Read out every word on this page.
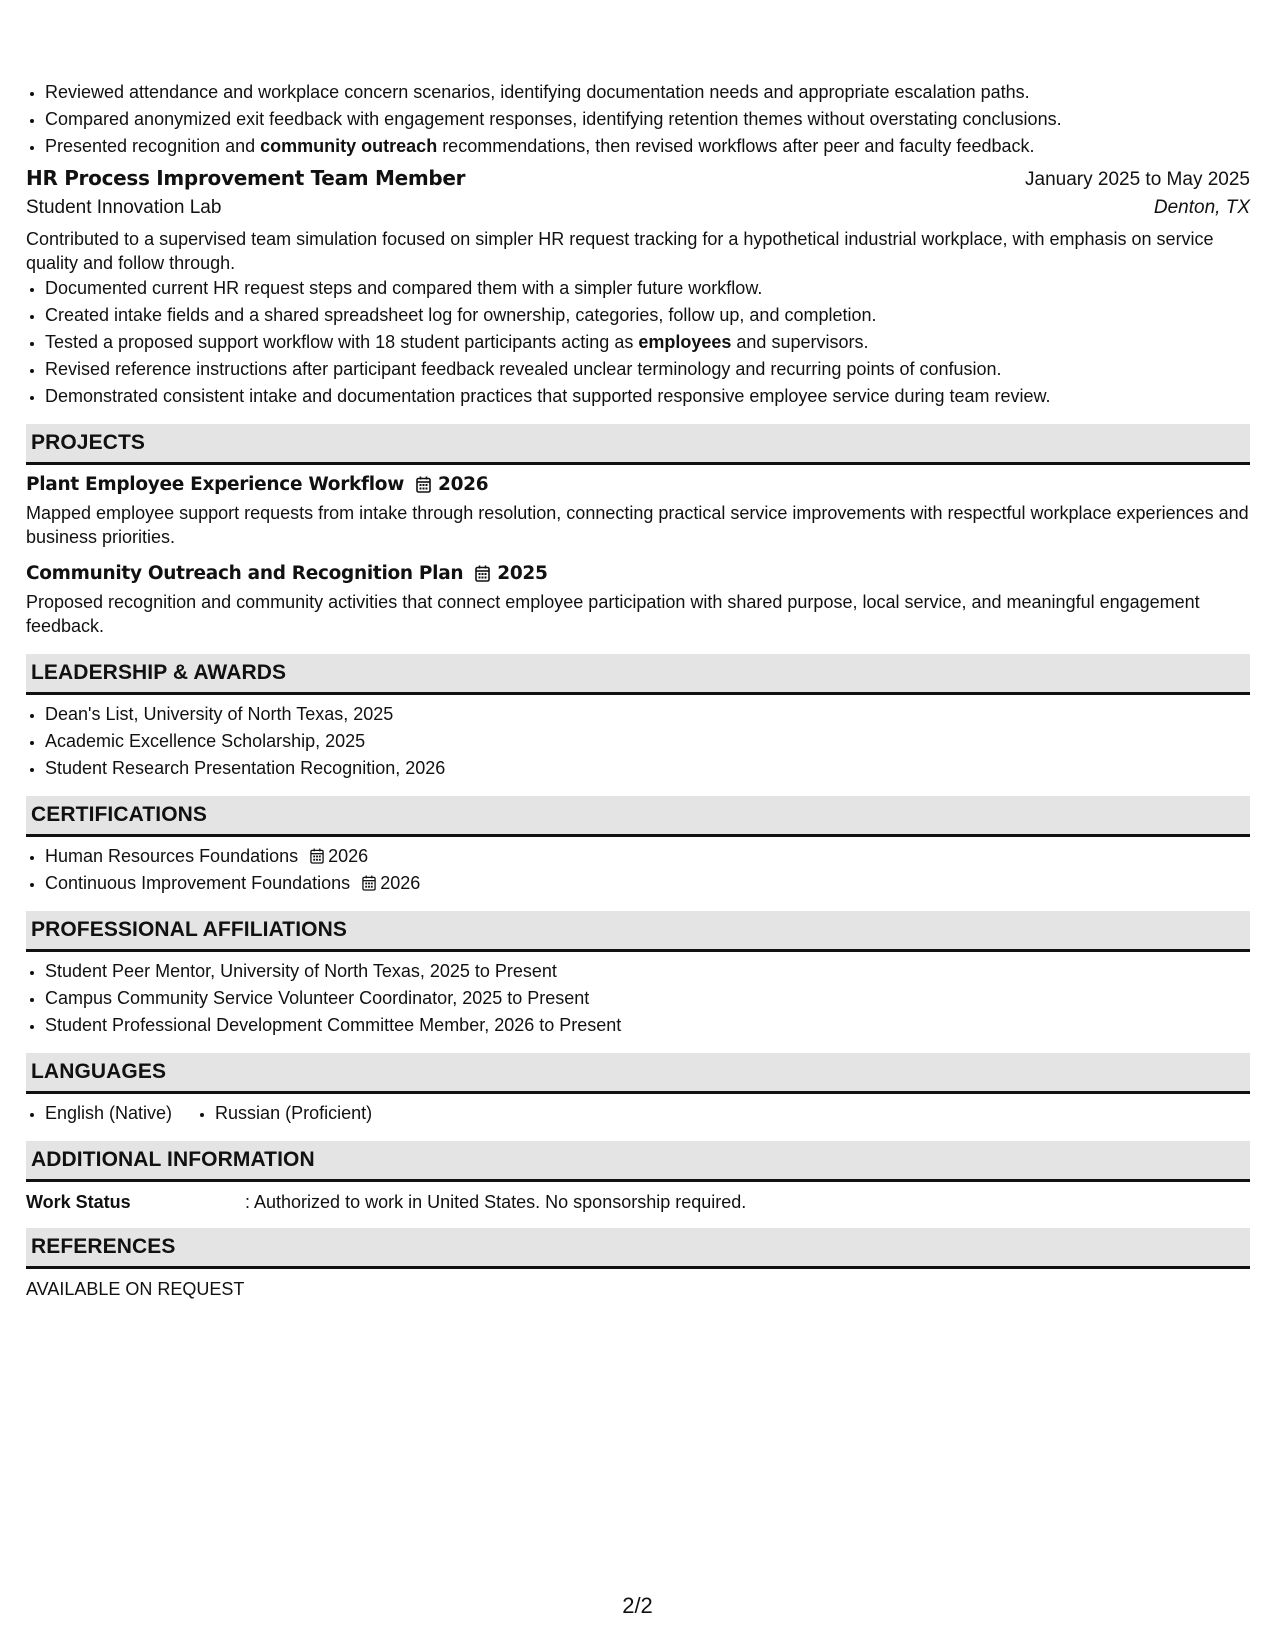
• Reviewed attendance and workplace concern scenarios, identifying documentation needs and appropriate escalation paths.
• Compared anonymized exit feedback with engagement responses, identifying retention themes without overstating conclusions.
• Presented recognition and community outreach recommendations, then revised workflows after peer and faculty feedback.
HR Process Improvement Team Member	January 2025 to May 2025
Student Innovation Lab	Denton, TX
Contributed to a supervised team simulation focused on simpler HR request tracking for a hypothetical industrial workplace, with emphasis on service quality and follow through.
• Documented current HR request steps and compared them with a simpler future workflow.
• Created intake fields and a shared spreadsheet log for ownership, categories, follow up, and completion.
• Tested a proposed support workflow with 18 student participants acting as employees and supervisors.
• Revised reference instructions after participant feedback revealed unclear terminology and recurring points of confusion.
• Demonstrated consistent intake and documentation practices that supported responsive employee service during team review.
PROJECTS
Plant Employee Experience Workflow 2026
Mapped employee support requests from intake through resolution, connecting practical service improvements with respectful workplace experiences and business priorities.
Community Outreach and Recognition Plan 2025
Proposed recognition and community activities that connect employee participation with shared purpose, local service, and meaningful engagement feedback.
LEADERSHIP & AWARDS
• Dean's List, University of North Texas, 2025
• Academic Excellence Scholarship, 2025
• Student Research Presentation Recognition, 2026
CERTIFICATIONS
• Human Resources Foundations 2026
• Continuous Improvement Foundations 2026
PROFESSIONAL AFFILIATIONS
• Student Peer Mentor, University of North Texas, 2025 to Present
• Campus Community Service Volunteer Coordinator, 2025 to Present
• Student Professional Development Committee Member, 2026 to Present
LANGUAGES
• English (Native)
• Russian (Proficient)
ADDITIONAL INFORMATION
Work Status	: Authorized to work in United States. No sponsorship required.
REFERENCES
AVAILABLE ON REQUEST
2/2
